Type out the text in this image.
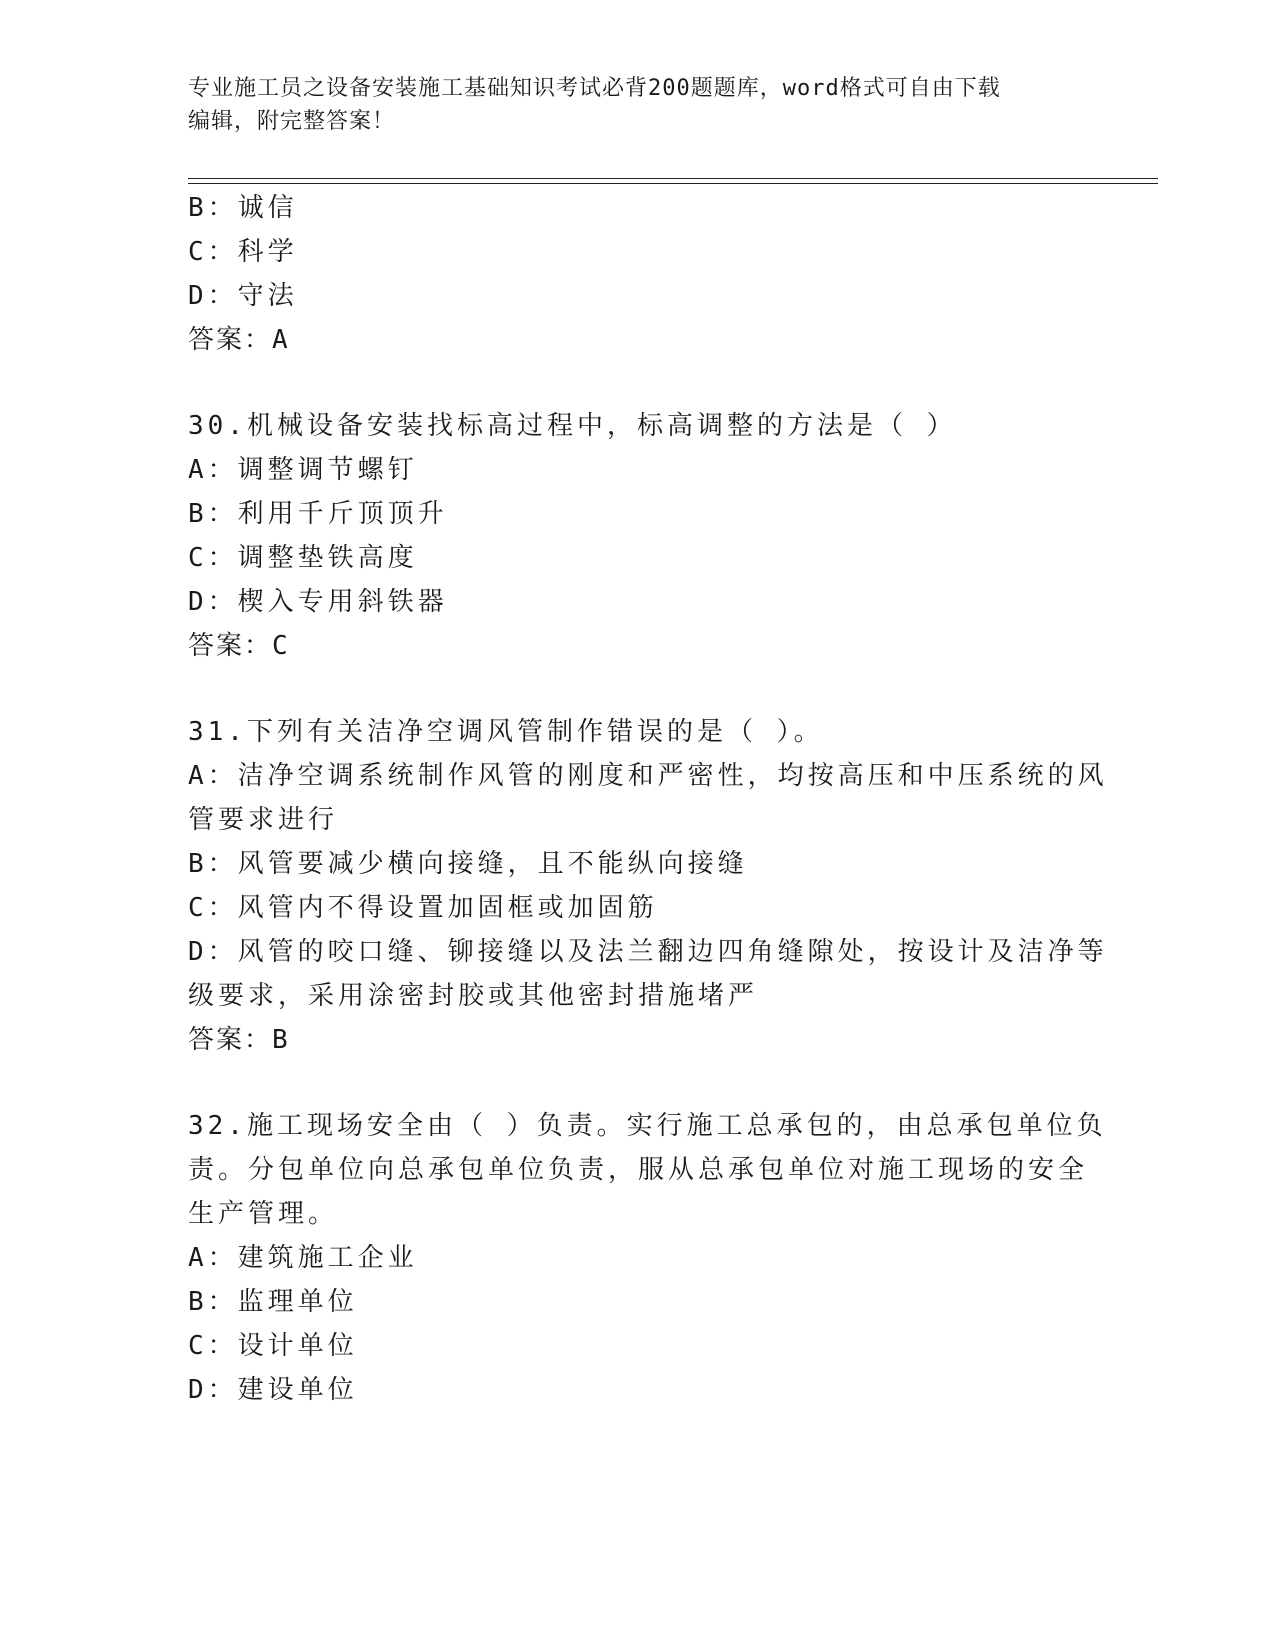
专业施工员之设备安装施工基础知识考试必背200题题库，word格式可自由下载
编辑，附完整答案！
B：诚信
C：科学
D：守法
答案：A
30.机械设备安装找标高过程中，标高调整的方法是（ ）
A：调整调节螺钉
B：利用千斤顶顶升
C：调整垫铁高度
D：楔入专用斜铁器
答案：C
31.下列有关洁净空调风管制作错误的是（ ）。
A：洁净空调系统制作风管的刚度和严密性，均按高压和中压系统的风
管要求进行
B：风管要减少横向接缝，且不能纵向接缝
C：风管内不得设置加固框或加固筋
D：风管的咬口缝、铆接缝以及法兰翻边四角缝隙处，按设计及洁净等
级要求，采用涂密封胶或其他密封措施堵严
答案：B
32.施工现场安全由（ ）负责。实行施工总承包的，由总承包单位负
责。分包单位向总承包单位负责，服从总承包单位对施工现场的安全
生产管理。
A：建筑施工企业
B：监理单位
C：设计单位
D：建设单位
